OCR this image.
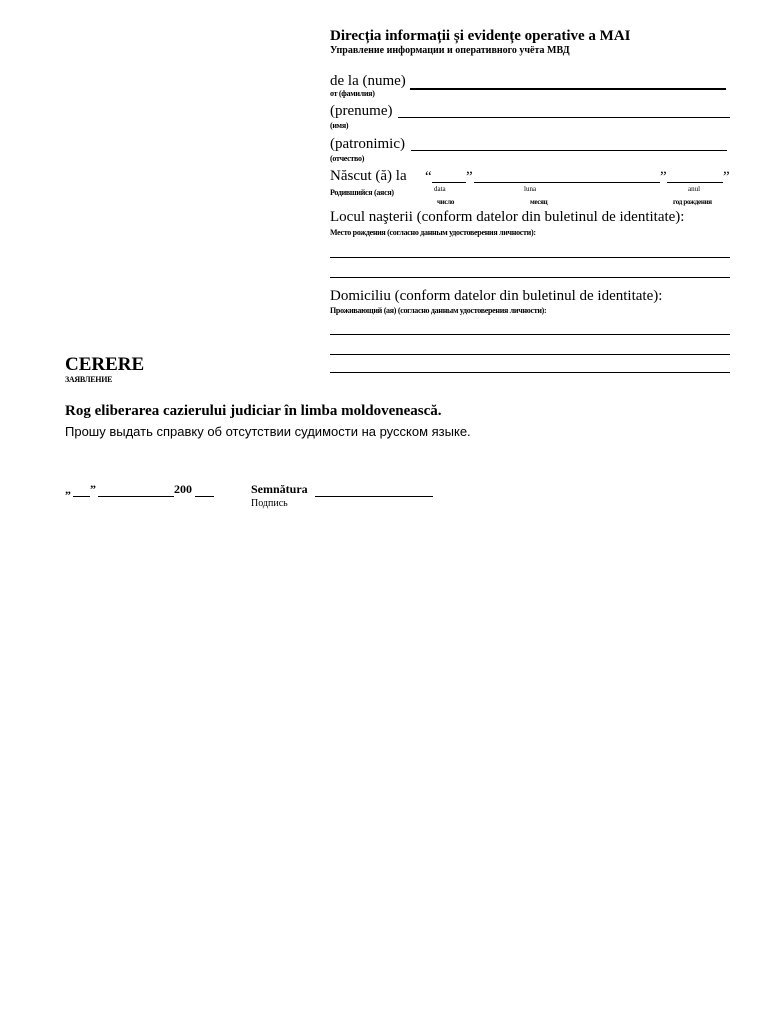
Direcția informații și evidențe operative a MAI
Управление информации и оперативного учёта МВД
de la (nume)
от (фамилия)
(prenume)
(имя)
(patronimic)
(отчество)
Născut (ă) la “ ”	”	”
Родившийся (аяся)	data	luna	anul
число	месяц	год рождения
Locul naşterii (conform datelor din buletinul de identitate):
Место рождения (согласно данным удостоверения личности):
Domiciliu (conform datelor din buletinul de identitate):
Проживающий (ая) (согласно данным удостоверения личности):
CERERE
ЗАЯВЛЕНИЕ
Rog eliberarea cazierului judiciar în limba moldovenească.
Прошу выдать справку об отсутствии судимости на русском языке.
„ ”	200	Semnătura
Подпись
